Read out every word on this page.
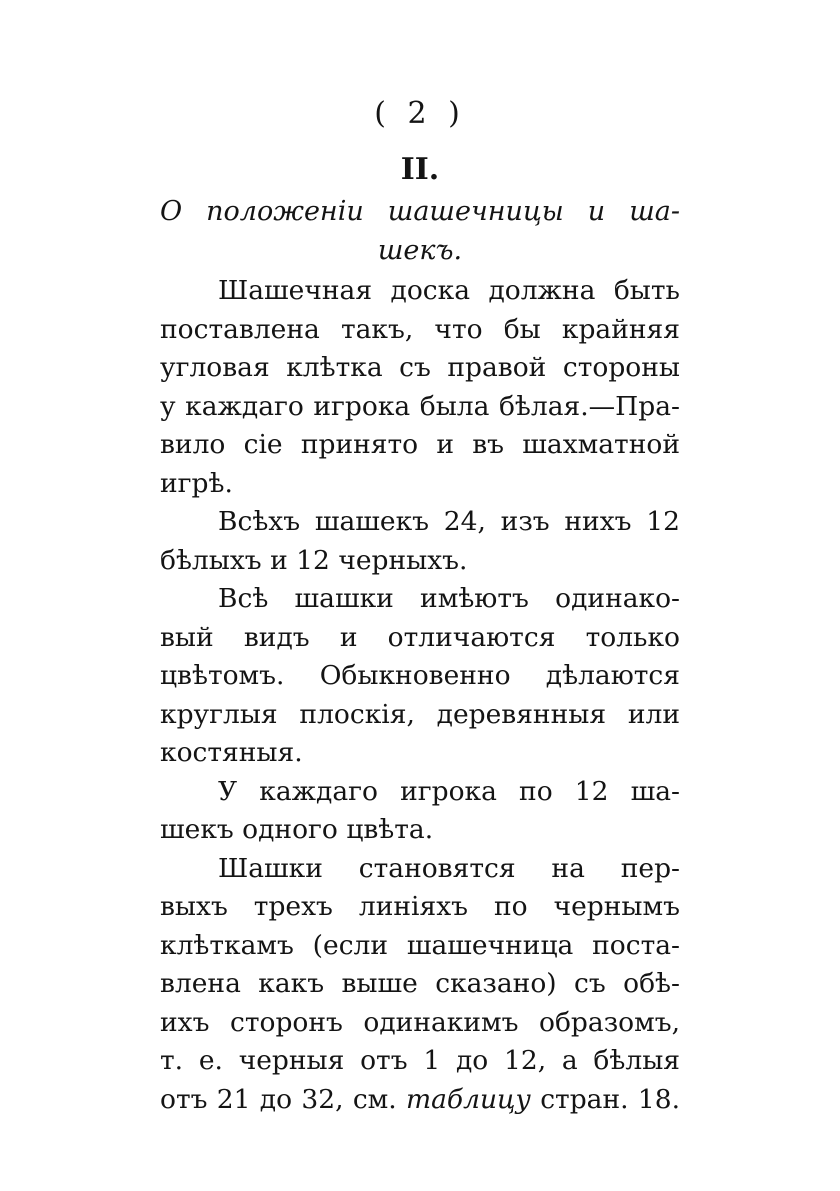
( 2 )
II.
О положеніи шашечницы и ша-
шекъ.

Шашечная доска должна быть
поставлена такъ, что бы крайняя
угловая клѣтка съ правой стороны
у каждаго игрока была бѣлая.—Пра-
вило сіе принято и въ шахматной
игрѣ.

Всѣхъ шашекъ 24, изъ нихъ 12
бѣлыхъ и 12 черныхъ.

Всѣ шашки имѣютъ одинако-
вый видъ и отличаются только
цвѣтомъ. Обыкновенно дѣлаются
круглыя плоскія, деревянныя или
костяныя.

У каждаго игрока по 12 ша-
шекъ одного цвѣта.

Шашки становятся на пер-
выхъ трехъ линіяхъ по чернымъ
клѣткамъ (если шашечница поста-
влена какъ выше сказано) съ обѣ-
ихъ сторонъ одинакимъ образомъ,
т. е. черныя отъ 1 до 12, а бѣлыя
отъ 21 до 32, см. таблицу стран. 18.
